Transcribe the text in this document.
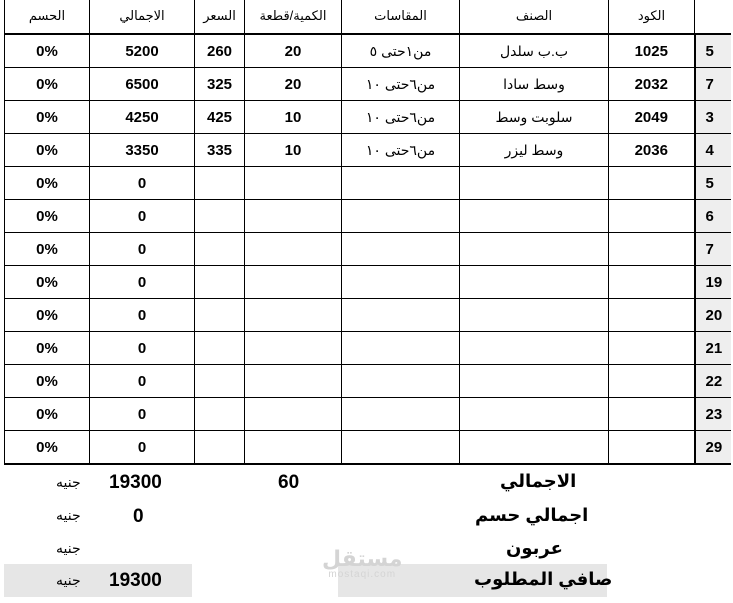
الحسم	الاجمالي	السعر	الكمية/قطعة	المقاسات	الصنف	الكود	
0%	5200	260	20	من١حتى ٥	ب.ب سلدل	1025	5
0%	6500	325	20	من٦حتى ١٠	وسط سادا	2032	7
0%	4250	425	10	من٦حتى ١٠	سلوبت وسط	2049	3
0%	3350	335	10	من٦حتى ١٠	وسط ليزر	2036	4
0%	0						5
0%	0						6
0%	0						7
0%	0						19
0%	0						20
0%	0						21
0%	0						22
0%	0						23
0%	0						29
جنيه 19300	60	الاجمالي
جنيه	0	اجمالي حسم
جنيه	عربون
جنيه 19300	صافي المطلوب
مستقل
mostaqi.com
